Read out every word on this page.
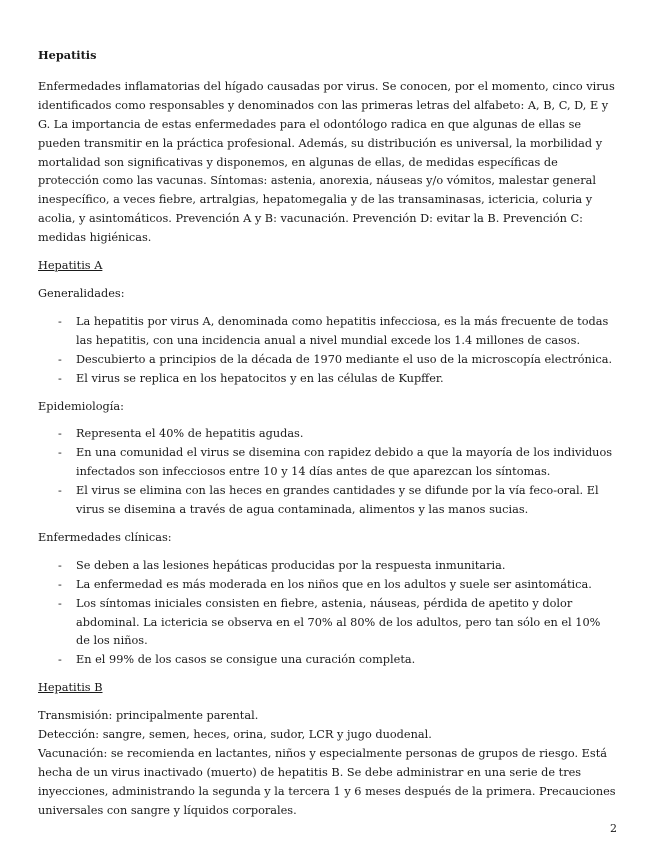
Hepatitis

Enfermedades inflamatorias del hígado causadas por virus. Se conocen, por el momento, cinco virus identificados como responsables y denominados con las primeras letras del alfabeto: A, B, C, D, E y G. La importancia de estas enfermedades para el odontólogo radica en que algunas de ellas se pueden transmitir en la práctica profesional. Además, su distribución es universal, la morbilidad y mortalidad son significativas y disponemos, en algunas de ellas, de medidas específicas de protección como las vacunas. Síntomas: astenia, anorexia, náuseas y/o vómitos, malestar general inespecífico, a veces fiebre, artralgias, hepatomegalia y de las transaminasas, ictericia, coluria y acolia, y asintomáticos. Prevención A y B: vacunación. Prevención D: evitar la B. Prevención C: medidas higiénicas.

Hepatitis A

Generalidades:

- La hepatitis por virus A, denominada como hepatitis infecciosa, es la más frecuente de todas las hepatitis, con una incidencia anual a nivel mundial excede los 1.4 millones de casos.
- Descubierto a principios de la década de 1970 mediante el uso de la microscopía electrónica.
- El virus se replica en los hepatocitos y en las células de Kupffer.

Epidemiología:

- Representa el 40% de hepatitis agudas.
- En una comunidad el virus se disemina con rapidez debido a que la mayoría de los individuos infectados son infecciosos entre 10 y 14 días antes de que aparezcan los síntomas.
- El virus se elimina con las heces en grandes cantidades y se difunde por la vía feco-oral. El virus se disemina a través de agua contaminada, alimentos y las manos sucias.

Enfermedades clínicas:

- Se deben a las lesiones hepáticas producidas por la respuesta inmunitaria.
- La enfermedad es más moderada en los niños que en los adultos y suele ser asintomática.
- Los síntomas iniciales consisten en fiebre, astenia, náuseas, pérdida de apetito y dolor abdominal. La ictericia se observa en el 70% al 80% de los adultos, pero tan sólo en el 10% de los niños.
- En el 99% de los casos se consigue una curación completa.

Hepatitis B

Transmisión: principalmente parental.

Detección: sangre, semen, heces, orina, sudor, LCR y jugo duodenal.

Vacunación: se recomienda en lactantes, niños y especialmente personas de grupos de riesgo. Está hecha de un virus inactivado (muerto) de hepatitis B. Se debe administrar en una serie de tres inyecciones, administrando la segunda y la tercera 1 y 6 meses después de la primera. Precauciones universales con sangre y líquidos corporales.

2
